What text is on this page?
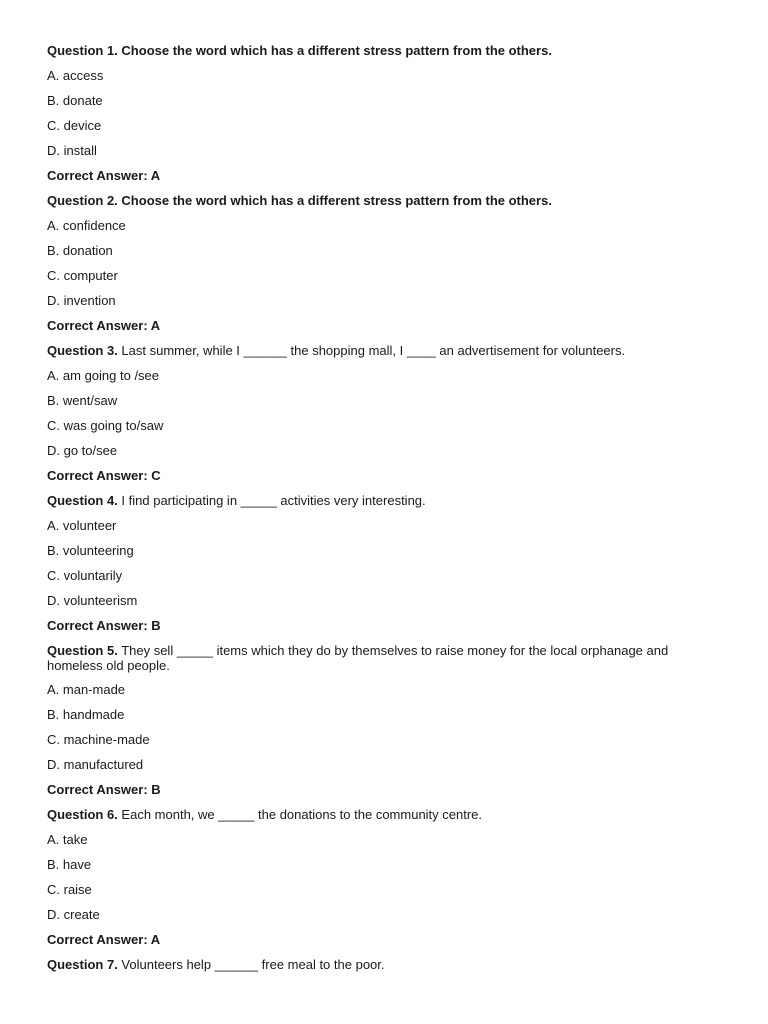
Question 1. Choose the word which has a different stress pattern from the others.

A. access

B. donate

C. device

D. install

Correct Answer: A

Question 2. Choose the word which has a different stress pattern from the others.

A. confidence

B. donation

C. computer

D. invention

Correct Answer: A

Question 3. Last summer, while I ______ the shopping mall, I ____ an advertisement for volunteers.

A. am going to /see

B. went/saw

C. was going to/saw

D. go to/see

Correct Answer: C

Question 4. I find participating in _____ activities very interesting.

A. volunteer

B. volunteering

C. voluntarily

D. volunteerism

Correct Answer: B

Question 5. They sell _____ items which they do by themselves to raise money for the local orphanage and homeless old people.

A. man-made

B. handmade

C. machine-made

D. manufactured

Correct Answer: B

Question 6. Each month, we _____ the donations to the community centre.

A. take

B. have

C. raise

D. create

Correct Answer: A

Question 7. Volunteers help ______ free meal to the poor.
